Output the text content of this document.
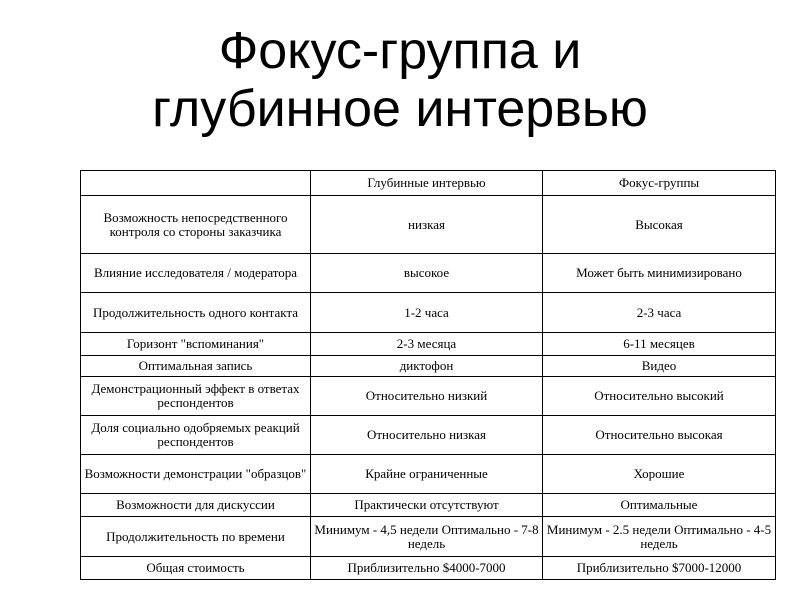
Фокус-группа и
глубинное интервью
	Глубинные интервью	Фокус-группы
Возможность непосредственного контроля со стороны заказчика	низкая	Высокая
Влияние исследователя / модератора	высокое	Может быть минимизировано
Продолжительность одного контакта	1-2 часа	2-3 часа
Горизонт "вспоминания"	2-3 месяца	6-11 месяцев
Оптимальная запись	диктофон	Видео
Демонстрационный эффект в ответах респондентов	Относительно низкий	Относительно высокий
Доля социально одобряемых реакций респондентов	Относительно низкая	Относительно высокая
Возможности демонстрации "образцов"	Крайне ограниченные	Хорошие
Возможности для дискуссии	Практически отсутствуют	Оптимальные
Продолжительность по времени	Минимум - 4,5 недели Оптимально - 7-8 недель	Минимум - 2.5 недели Оптимально - 4-5 недель
Общая стоимость	Приблизительно $4000-7000	Приблизительно $7000-12000
